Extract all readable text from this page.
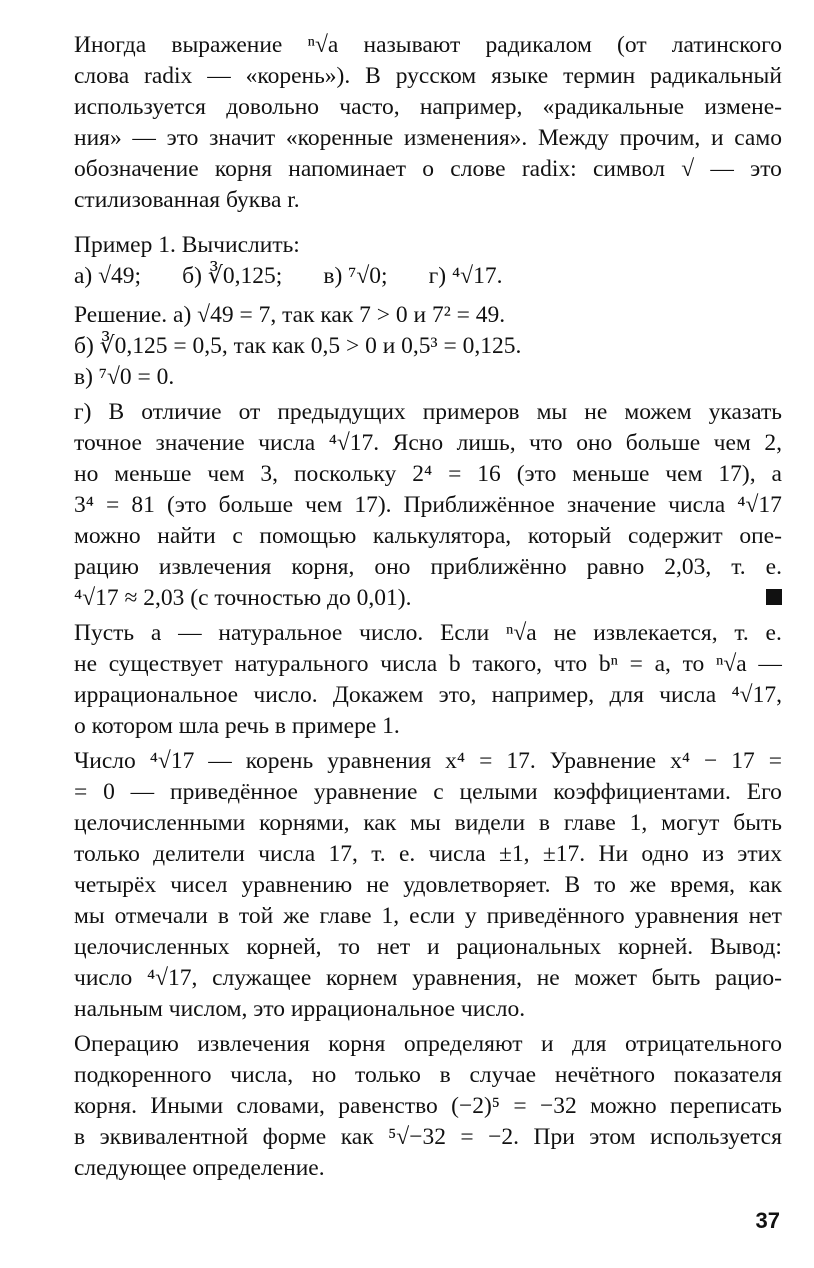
Иногда выражение ⁿ√a называют радикалом (от латинского
слова radix — «корень»). В русском языке термин радикальный
используется довольно часто, например, «радикальные измене-
ния» — это значит «коренные изменения». Между прочим, и само
обозначение корня напоминает о слове radix: символ √ — это
стилизованная буква r.
Пример 1. Вычислить:
а) √49;       б) ∛0,125;       в) ⁷√0;       г) ⁴√17.
Решение. а) √49 = 7, так как 7 > 0 и 7² = 49.
б) ∛0,125 = 0,5, так как 0,5 > 0 и 0,5³ = 0,125.
в) ⁷√0 = 0.
г) В отличие от предыдущих примеров мы не можем указать
точное значение числа ⁴√17. Ясно лишь, что оно больше чем 2,
но меньше чем 3, поскольку 2⁴ = 16 (это меньше чем 17), а
3⁴ = 81 (это больше чем 17). Приближённое значение числа ⁴√17
можно найти с помощью калькулятора, который содержит опе-
рацию извлечения корня, оно приближённо равно 2,03, т. е.
⁴√17 ≈ 2,03 (с точностью до 0,01).
Пусть a — натуральное число. Если ⁿ√a не извлекается, т. е.
не существует натурального числа b такого, что bⁿ = a, то ⁿ√a —
иррациональное число. Докажем это, например, для числа ⁴√17,
о котором шла речь в примере 1.
Число ⁴√17 — корень уравнения x⁴ = 17. Уравнение x⁴ − 17 =
= 0 — приведённое уравнение с целыми коэффициентами. Его
целочисленными корнями, как мы видели в главе 1, могут быть
только делители числа 17, т. е. числа ±1, ±17. Ни одно из этих
четырёх чисел уравнению не удовлетворяет. В то же время, как
мы отмечали в той же главе 1, если у приведённого уравнения нет
целочисленных корней, то нет и рациональных корней. Вывод:
число ⁴√17, служащее корнем уравнения, не может быть рацио-
нальным числом, это иррациональное число.
Операцию извлечения корня определяют и для отрицательного
подкоренного числа, но только в случае нечётного показателя
корня. Иными словами, равенство (−2)⁵ = −32 можно переписать
в эквивалентной форме как ⁵√−32 = −2. При этом используется
следующее определение.
37
